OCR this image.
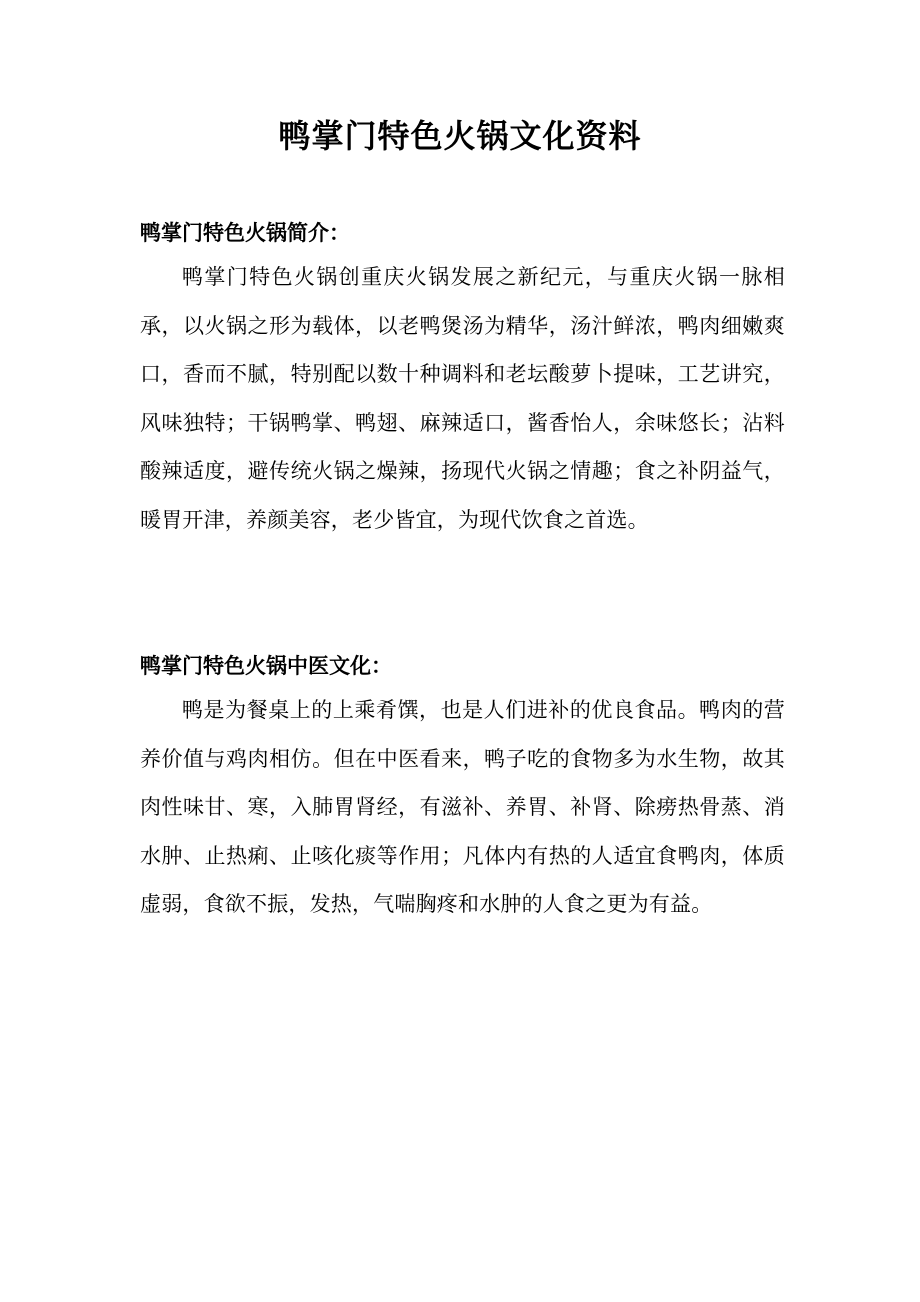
鸭掌门特色火锅文化资料
鸭掌门特色火锅简介：

鸭掌门特色火锅创重庆火锅发展之新纪元，与重庆火锅一脉相承，以火锅之形为载体，以老鸭煲汤为精华，汤汁鲜浓，鸭肉细嫩爽口，香而不腻，特别配以数十种调料和老坛酸萝卜提味，工艺讲究，风味独特；干锅鸭掌、鸭翅、麻辣适口，酱香怡人，余味悠长；沾料酸辣适度，避传统火锅之燥辣，扬现代火锅之情趣；食之补阴益气，暖胃开津，养颜美容，老少皆宜，为现代饮食之首选。

鸭掌门特色火锅中医文化：

鸭是为餐桌上的上乘肴馔，也是人们进补的优良食品。鸭肉的营养价值与鸡肉相仿。但在中医看来，鸭子吃的食物多为水生物，故其肉性味甘、寒，入肺胃肾经，有滋补、养胃、补肾、除痨热骨蒸、消水肿、止热痢、止咳化痰等作用；凡体内有热的人适宜食鸭肉，体质虚弱，食欲不振，发热，气喘胸疼和水肿的人食之更为有益。
